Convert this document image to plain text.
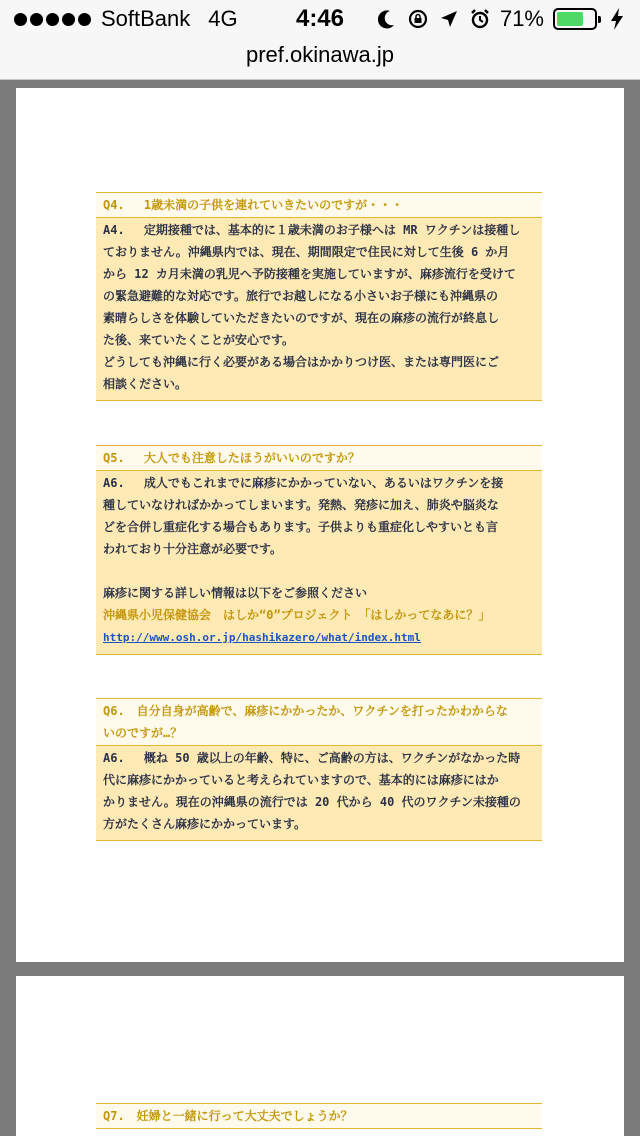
SoftBank 4G	4:46	71%
pref.okinawa.jp
Q4.　 1歳未満の子供を連れていきたいのですが・・・
A4.　 定期接種では、基本的に１歳未満のお子様へは MR ワクチンは接種し
ておりません。沖縄県内では、現在、期間限定で住民に対して生後 6 か月
から 12 カ月未満の乳児へ予防接種を実施していますが、麻疹流行を受けて
の緊急避難的な対応です。旅行でお越しになる小さいお子様にも沖縄県の
素晴らしさを体験していただきたいのですが、現在の麻疹の流行が終息し
た後、来ていたくことが安心です。
どうしても沖縄に行く必要がある場合はかかりつけ医、または専門医にご
相談ください。
Q5.　 大人でも注意したほうがいいのですか？
A6.　 成人でもこれまでに麻疹にかかっていない、あるいはワクチンを接
種していなければかかってしまいます。発熱、発疹に加え、肺炎や脳炎な
どを合併し重症化する場合もあります。子供よりも重症化しやすいとも言
われており十分注意が必要です。
麻疹に関する詳しい情報は以下をご参照ください
沖縄県小児保健協会　はしか“0”プロジェクト　「はしかってなあに？」
http://www.osh.or.jp/hashikazero/what/index.html
Q6.　自分自身が高齢で、麻疹にかかったか、ワクチンを打ったかわからな
いのですが…？
A6.　 概ね 50 歳以上の年齢、特に、ご高齢の方は、ワクチンがなかった時
代に麻疹にかかっていると考えられていますので、基本的には麻疹にはか
かりません。現在の沖縄県の流行では 20 代から 40 代のワクチン未接種の
方がたくさん麻疹にかかっています。
Q7.　妊婦と一緒に行って大丈夫でしょうか？
